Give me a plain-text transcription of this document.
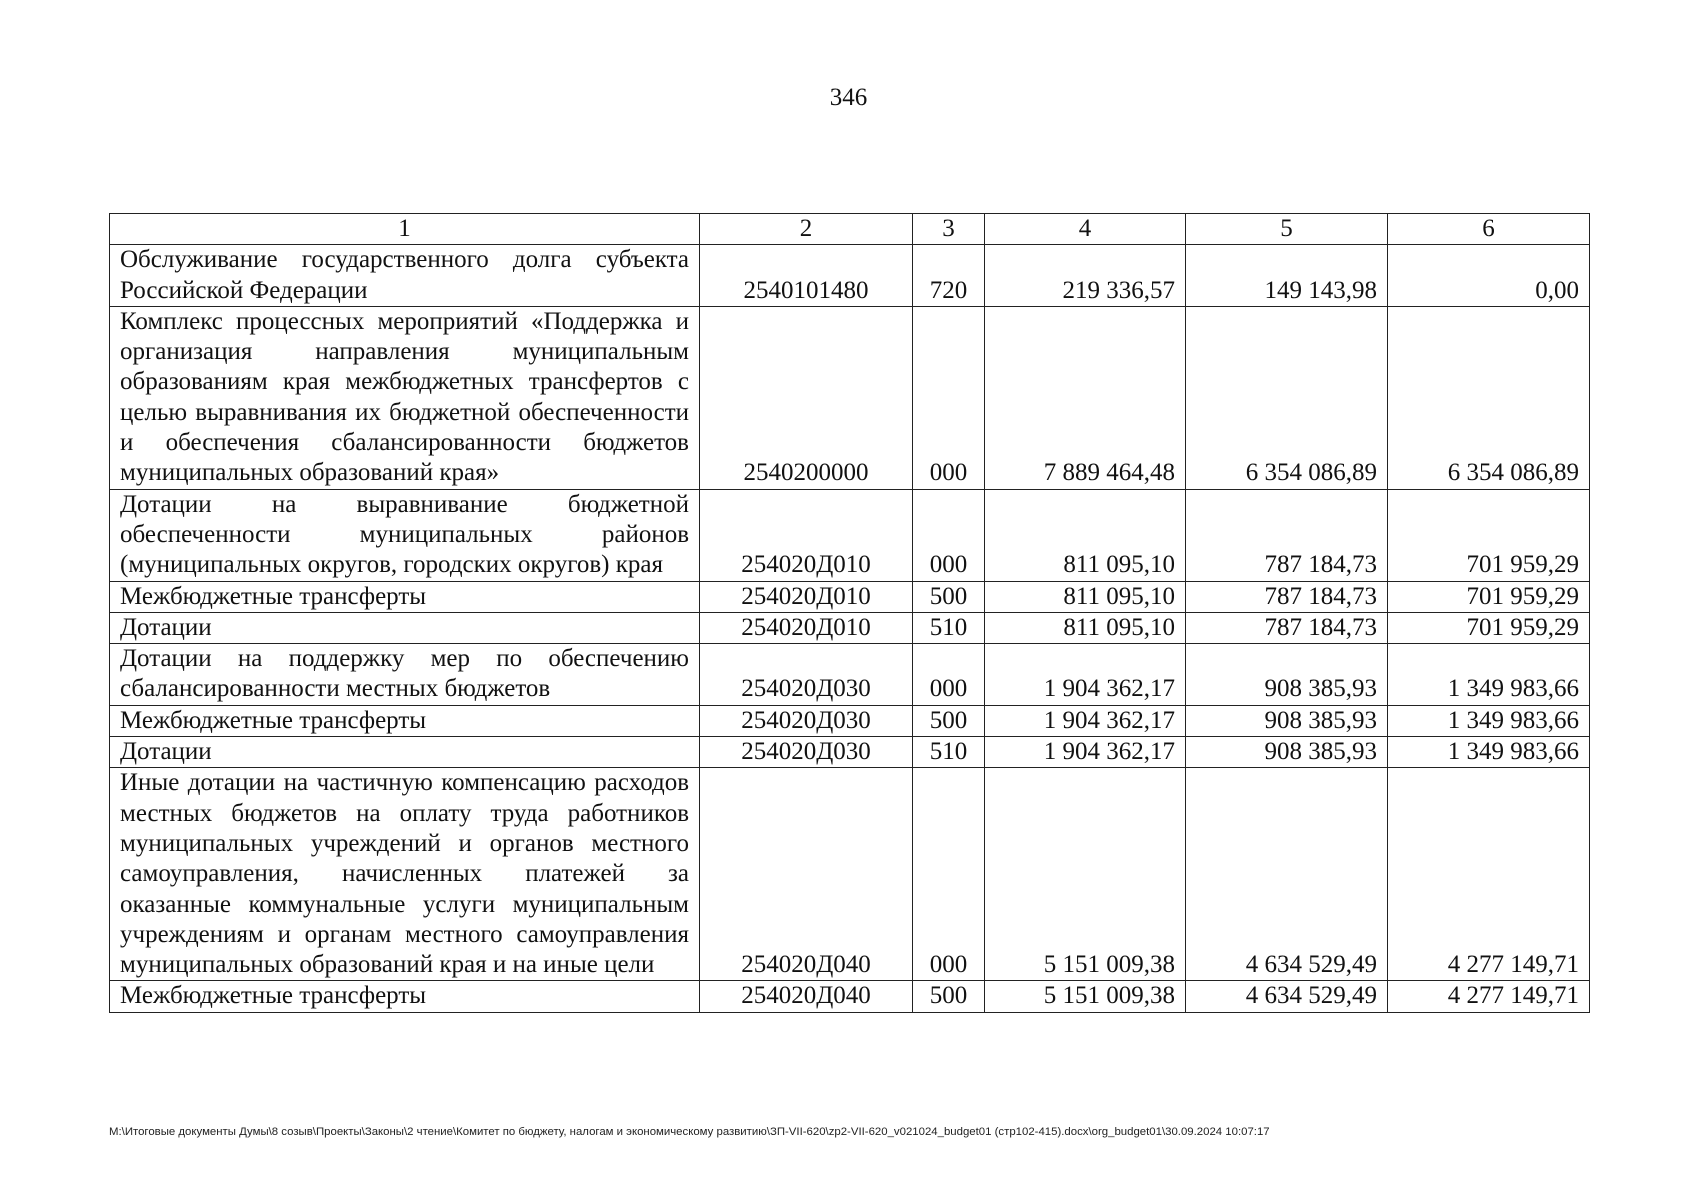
346
1	2	3	4	5	6
Обслуживание государственного долга субъекта Российской Федерации	2540101480	720	219 336,57	149 143,98	0,00
Комплекс процессных мероприятий «Поддержка и организация направления муниципальным образованиям края межбюджетных трансфертов с целью выравнивания их бюджетной обеспеченности и обеспечения сбалансированности бюджетов муниципальных образований края»	2540200000	000	7 889 464,48	6 354 086,89	6 354 086,89
Дотации на выравнивание бюджетной обеспеченности муниципальных районов (муниципальных округов, городских округов) края	254020Д010	000	811 095,10	787 184,73	701 959,29
Межбюджетные трансферты	254020Д010	500	811 095,10	787 184,73	701 959,29
Дотации	254020Д010	510	811 095,10	787 184,73	701 959,29
Дотации на поддержку мер по обеспечению сбалансированности местных бюджетов	254020Д030	000	1 904 362,17	908 385,93	1 349 983,66
Межбюджетные трансферты	254020Д030	500	1 904 362,17	908 385,93	1 349 983,66
Дотации	254020Д030	510	1 904 362,17	908 385,93	1 349 983,66
Иные дотации на частичную компенсацию расходов местных бюджетов на оплату труда работников муниципальных учреждений и органов местного самоуправления, начисленных платежей за оказанные коммунальные услуги муниципальным учреждениям и органам местного самоуправления муниципальных образований края и на иные цели	254020Д040	000	5 151 009,38	4 634 529,49	4 277 149,71
Межбюджетные трансферты	254020Д040	500	5 151 009,38	4 634 529,49	4 277 149,71
M:\Итоговые документы Думы\8 созыв\Проекты\Законы\2 чтение\Комитет по бюджету, налогам и экономическому развитию\ЗП-VII-620\zp2-VII-620_v021024_budget01 (стр102-415).docx\org_budget01\30.09.2024 10:07:17
